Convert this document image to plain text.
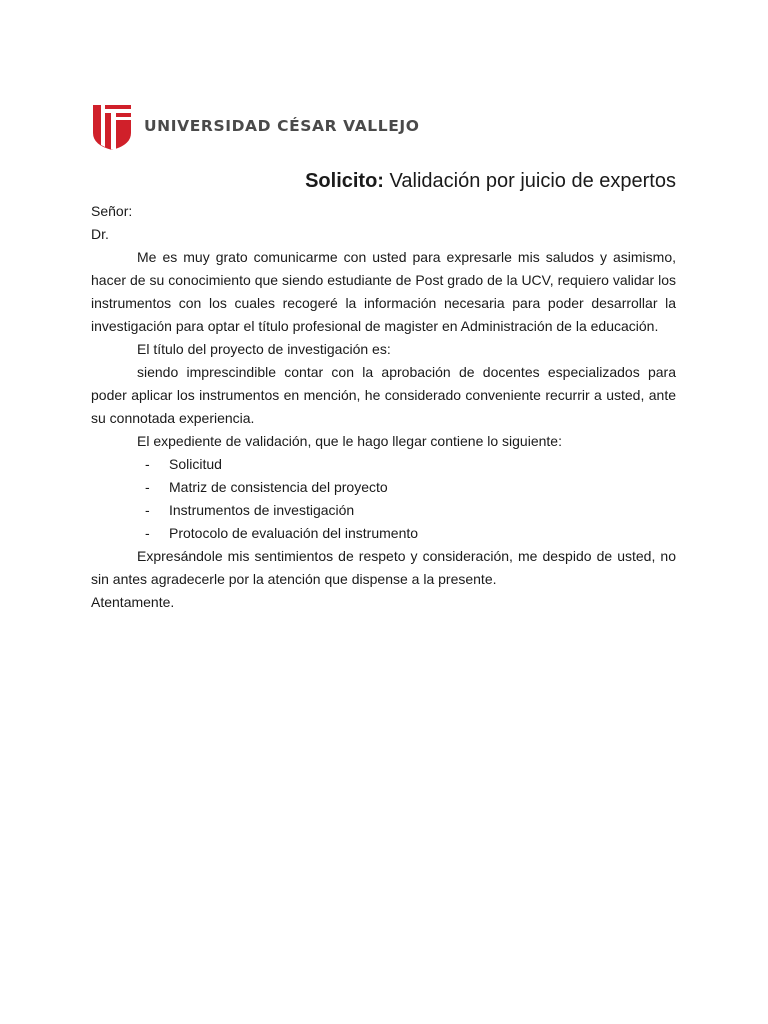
UNIVERSIDAD CÉSAR VALLEJO
Solicito: Validación por juicio de expertos

Señor:

Dr.

Me es muy grato comunicarme con usted para expresarle mis saludos y asimismo, hacer de su conocimiento que siendo estudiante de Post grado de la UCV, requiero validar los instrumentos con los cuales recogeré la información necesaria para poder desarrollar la investigación para optar el título profesional de magister en Administración de la educación.

El título del proyecto de investigación es:

siendo imprescindible contar con la aprobación de docentes especializados para poder aplicar los instrumentos en mención, he considerado conveniente recurrir a usted, ante su connotada experiencia.

El expediente de validación, que le hago llegar contiene lo siguiente:

- Solicitud
- Matriz de consistencia del proyecto
- Instrumentos de investigación
- Protocolo de evaluación del instrumento

Expresándole mis sentimientos de respeto y consideración, me despido de usted, no sin antes agradecerle por la atención que dispense a la presente.

Atentamente.
